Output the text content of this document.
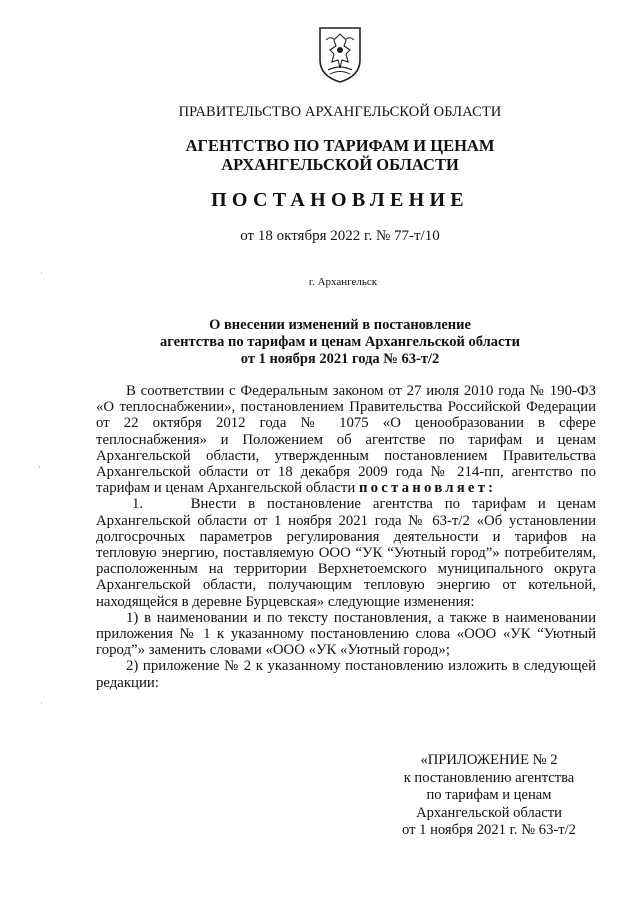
ПРАВИТЕЛЬСТВО АРХАНГЕЛЬСКОЙ ОБЛАСТИ
АГЕНТСТВО ПО ТАРИФАМ И ЦЕНАМ
АРХАНГЕЛЬСКОЙ ОБЛАСТИ
ПОСТАНОВЛЕНИЕ
от 18 октября 2022 г. № 77-т/10
г. Архангельск
О внесении изменений в постановление
агентства по тарифам и ценам Архангельской области
от 1 ноября 2021 года № 63-т/2

В соответствии с Федеральным законом от 27 июля 2010 года № 190-ФЗ «О теплоснабжении», постановлением Правительства Российской Федерации от 22 октября 2012 года № 1075 «О ценообразовании в сфере теплоснабжения» и Положением об агентстве по тарифам и ценам Архангельской области, утвержденным постановлением Правительства Архангельской области от 18 декабря 2009 года № 214-пп, агентство по тарифам и ценам Архангельской области постановляет:

1.    Внести в постановление агентства по тарифам и ценам Архангельской области от 1 ноября 2021 года № 63-т/2 «Об установлении долгосрочных параметров регулирования деятельности и тарифов на тепловую энергию, поставляемую ООО “УК “Уютный город”» потребителям, расположенным на территории Верхнетоемского муниципального округа Архангельской области, получающим тепловую энергию от котельной, находящейся в деревне Бурцевская» следующие изменения:

1) в наименовании и по тексту постановления, а также в наименовании приложения № 1 к указанному постановлению слова «ООО «УК “Уютный город”» заменить словами «ООО «УК «Уютный город»;

2) приложение № 2 к указанному постановлению изложить в следующей редакции:

«ПРИЛОЖЕНИЕ № 2
к постановлению агентства
по тарифам и ценам
Архангельской области
от 1 ноября 2021 г. № 63-т/2
·
·
·
